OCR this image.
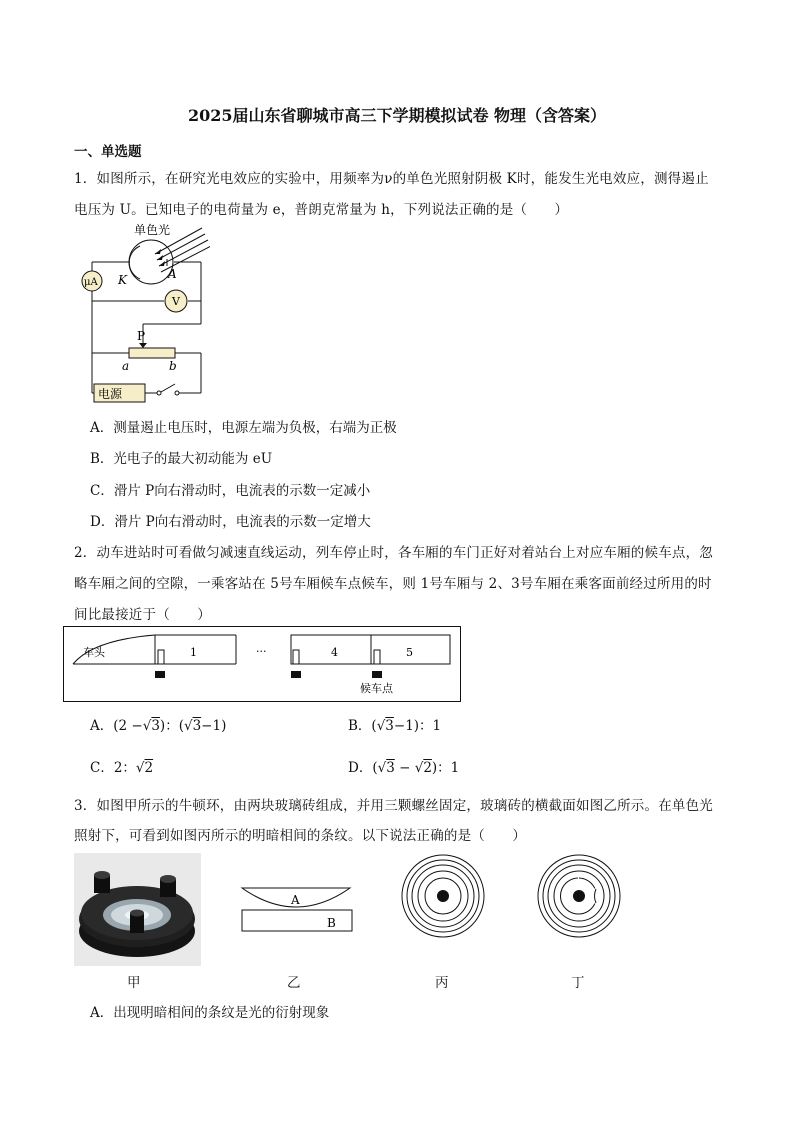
2025届山东省聊城市高三下学期模拟试卷 物理（含答案）
一、单选题
1．如图所示，在研究光电效应的实验中，用频率为ν的单色光照射阴极 K时，能发生光电效应，测得遏止
电压为 U。已知电子的电荷量为 e，普朗克常量为 h，下列说法正确的是（　　）
单色光
μA K	A
V
P
a	b
电源
A．测量遏止电压时，电源左端为负极，右端为正极
B．光电子的最大初动能为 eU
C．滑片 P向右滑动时，电流表的示数一定减小
D．滑片 P向右滑动时，电流表的示数一定增大
2．动车进站时可看做匀减速直线运动，列车停止时，各车厢的车门正好对着站台上对应车厢的候车点，忽
略车厢之间的空隙，一乘客站在 5号车厢候车点候车，则 1号车厢与 2、3号车厢在乘客面前经过所用的时
间比最接近于（　　）
车头	1	···	4	5
候车点
A．(2 −√3)：(√3−1)	B．(√3−1)：1
C．2：√2	D．(√3 − √2)：1
3．如图甲所示的牛顿环，由两块玻璃砖组成，并用三颗螺丝固定，玻璃砖的横截面如图乙所示。在单色光
照射下，可看到如图丙所示的明暗相间的条纹。以下说法正确的是（　　）
A
B
甲	乙	丙	丁
A．出现明暗相间的条纹是光的衍射现象
